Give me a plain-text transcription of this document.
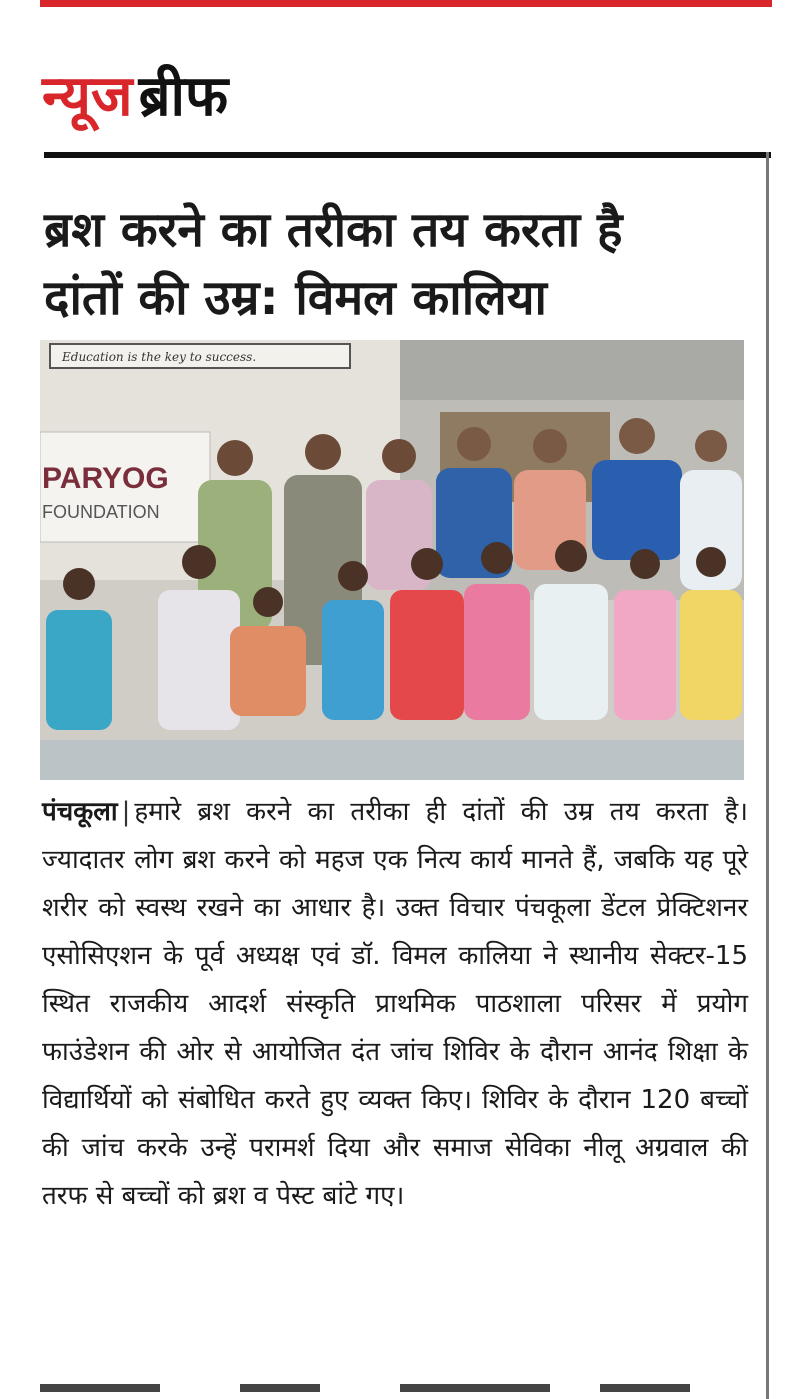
न्यूज ब्रीफ
ब्रश करने का तरीका तय करता है
दांतों की उम्र: विमल कालिया
Education is the key to success.
PARYOG
FOUNDATION
पंचकूला | हमारे ब्रश करने का तरीका ही दांतों की उम्र तय करता है। ज्यादातर लोग ब्रश करने को महज एक नित्य कार्य मानते हैं, जबकि यह पूरे शरीर को स्वस्थ रखने का आधार है। उक्त विचार पंचकूला डेंटल प्रेक्टिशनर एसोसिएशन के पूर्व अध्यक्ष एवं डॉ. विमल कालिया ने स्थानीय सेक्टर-15 स्थित राजकीय आदर्श संस्कृति प्राथमिक पाठशाला परिसर में प्रयोग फाउंडेशन की ओर से आयोजित दंत जांच शिविर के दौरान आनंद शिक्षा के विद्यार्थियों को संबोधित करते हुए व्यक्त किए। शिविर के दौरान 120 बच्चों की जांच करके उन्हें परामर्श दिया और समाज सेविका नीलू अग्रवाल की तरफ से बच्चों को ब्रश व पेस्ट बांटे गए।
